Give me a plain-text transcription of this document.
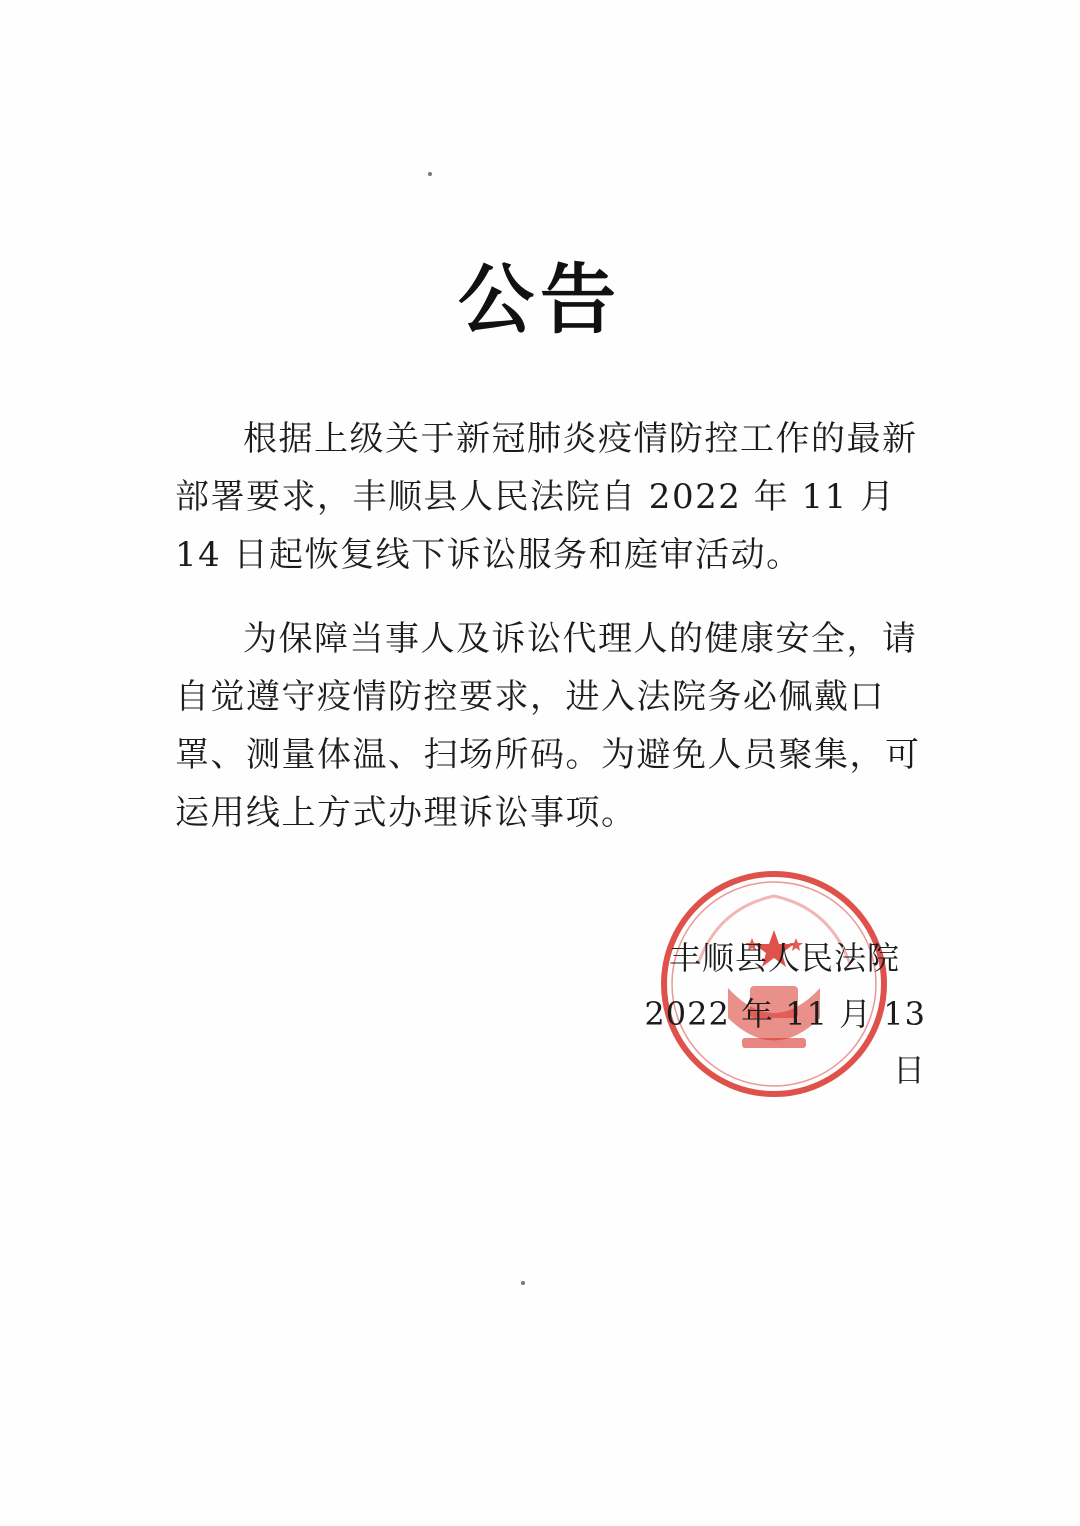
公告

根据上级关于新冠肺炎疫情防控工作的最新部署要求，丰顺县人民法院自 2022 年 11 月 14 日起恢复线下诉讼服务和庭审活动。

为保障当事人及诉讼代理人的健康安全，请自觉遵守疫情防控要求，进入法院务必佩戴口罩、测量体温、扫场所码。为避免人员聚集，可运用线上方式办理诉讼事项。

丰顺县人民法院
2022 年 11 月 13 日
